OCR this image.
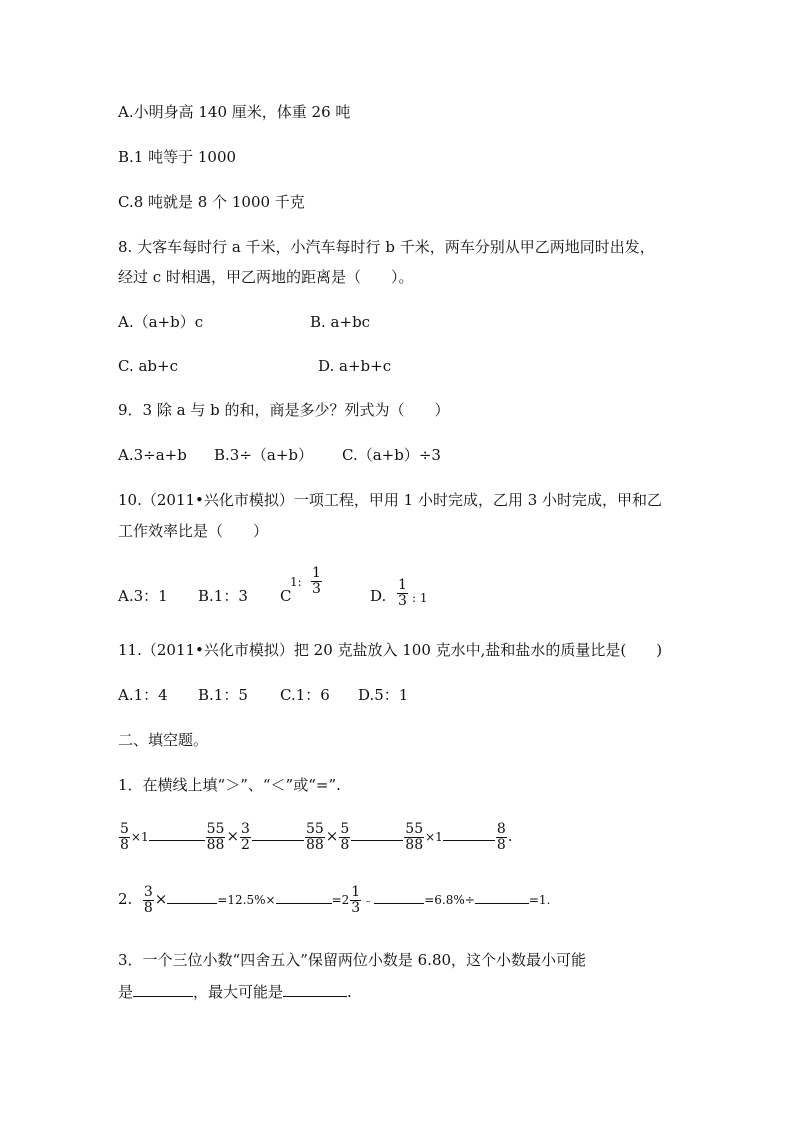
A.小明身高 140 厘米，体重 26 吨
B.1 吨等于 1000
C.8 吨就是 8 个 1000 千克
8. 大客车每时行 a 千米，小汽车每时行 b 千米，两车分别从甲乙两地同时出发，
经过 c 时相遇，甲乙两地的距离是（　　）。
A.（a+b）c	B. a+bc
C. ab+c	D. a+b+c
9．3 除 a 与 b 的和，商是多少？列式为（　　）
A.3÷a+b B.3÷（a+b） C.（a+b）÷3
10.（2011•兴化市模拟）一项工程，甲用 1 小时完成，乙用 3 小时完成，甲和乙
工作效率比是（　　）
A.3：1 B.1：3 C
1: $\frac{1}{3}$	D. $\frac{1}{3}$ : 1
11.（2011•兴化市模拟）把 20 克盐放入 100 克水中,盐和盐水的质量比是(　　)
A.1：4 B.1：5 C.1：6 D.5：1
二、填空题。
1．在横线上填“＞”、“＜”或“=”.
$\frac{5}{8} \times 1$	$\frac{55}{88} \times \frac{3}{2}$	$\frac{55}{88} \times \frac{5}{8}$	$\frac{55}{88} \times 1$	$\frac{8}{8}$ .
2. $\frac{3}{8}$ ×	=12.5%×	$=2 \frac{1}{3}$ ﹣	=6.8%÷	=1.
3．一个三位小数“四舍五入”保留两位小数是 6.80，这个小数最小可能
是	，最大可能是	.
